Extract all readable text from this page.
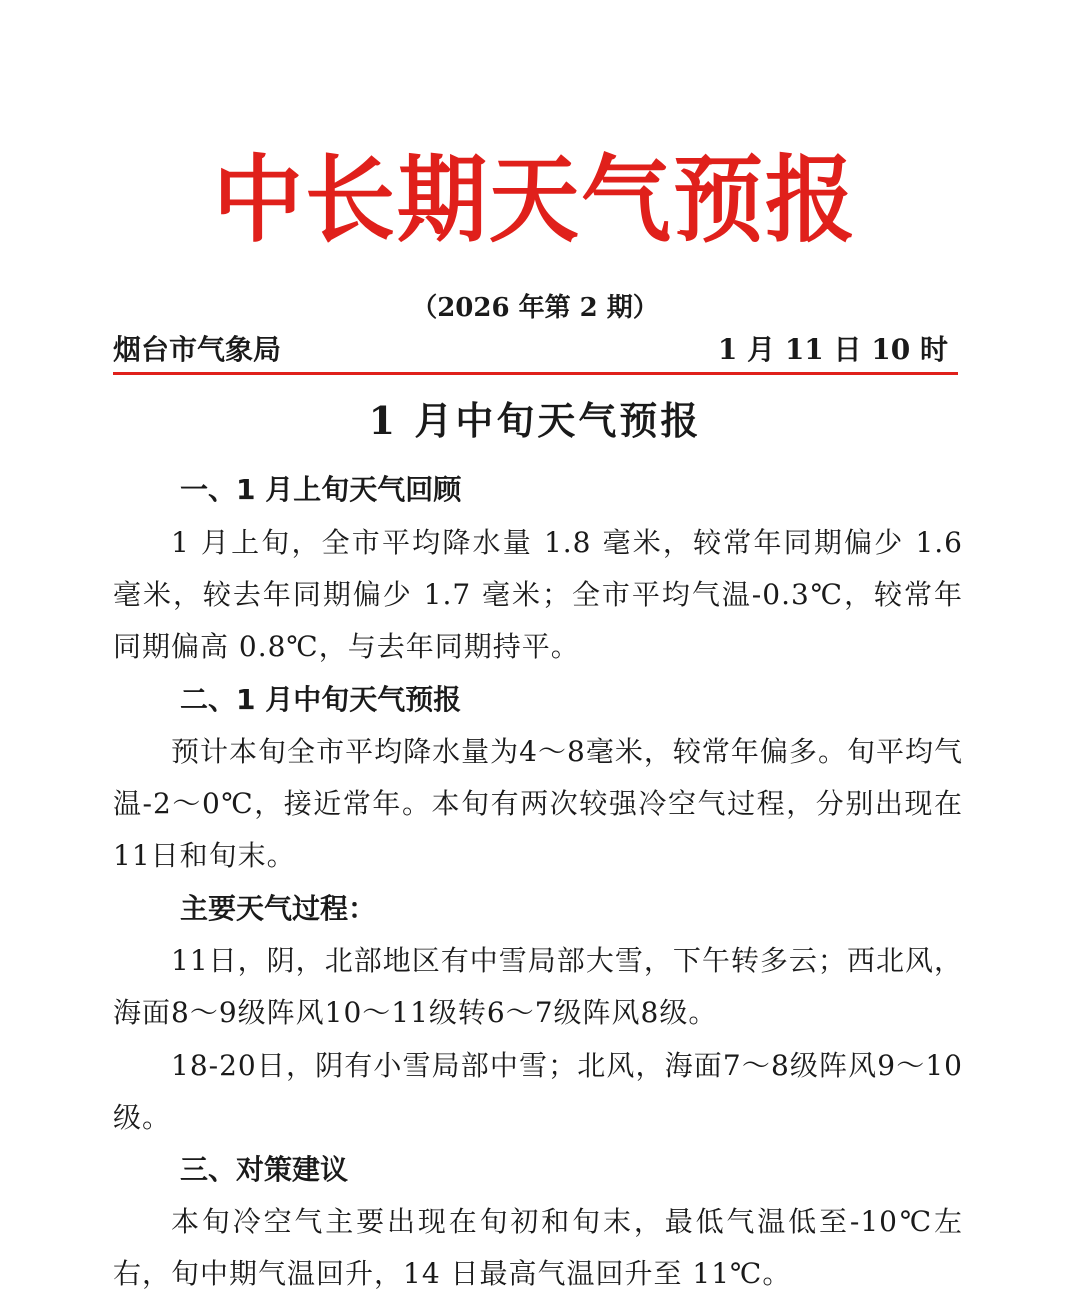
中长期天气预报
（2026 年第 2 期）
烟台市气象局	1 月 11 日 10 时
1 月中旬天气预报
一、1 月上旬天气回顾
1 月上旬，全市平均降水量 1.8 毫米，较常年同期偏少 1.6 毫米，较去年同期偏少 1.7 毫米；全市平均气温-0.3℃，较常年同期偏高 0.8℃，与去年同期持平。
二、1 月中旬天气预报
预计本旬全市平均降水量为4～8毫米，较常年偏多。旬平均气温-2～0℃，接近常年。本旬有两次较强冷空气过程，分别出现在11日和旬末。
主要天气过程：
11日，阴，北部地区有中雪局部大雪，下午转多云；西北风，海面8～9级阵风10～11级转6～7级阵风8级。
18-20日，阴有小雪局部中雪；北风，海面7～8级阵风9～10级。
三、对策建议
本旬冷空气主要出现在旬初和旬末，最低气温低至-10℃左右，旬中期气温回升，14 日最高气温回升至 11℃。
